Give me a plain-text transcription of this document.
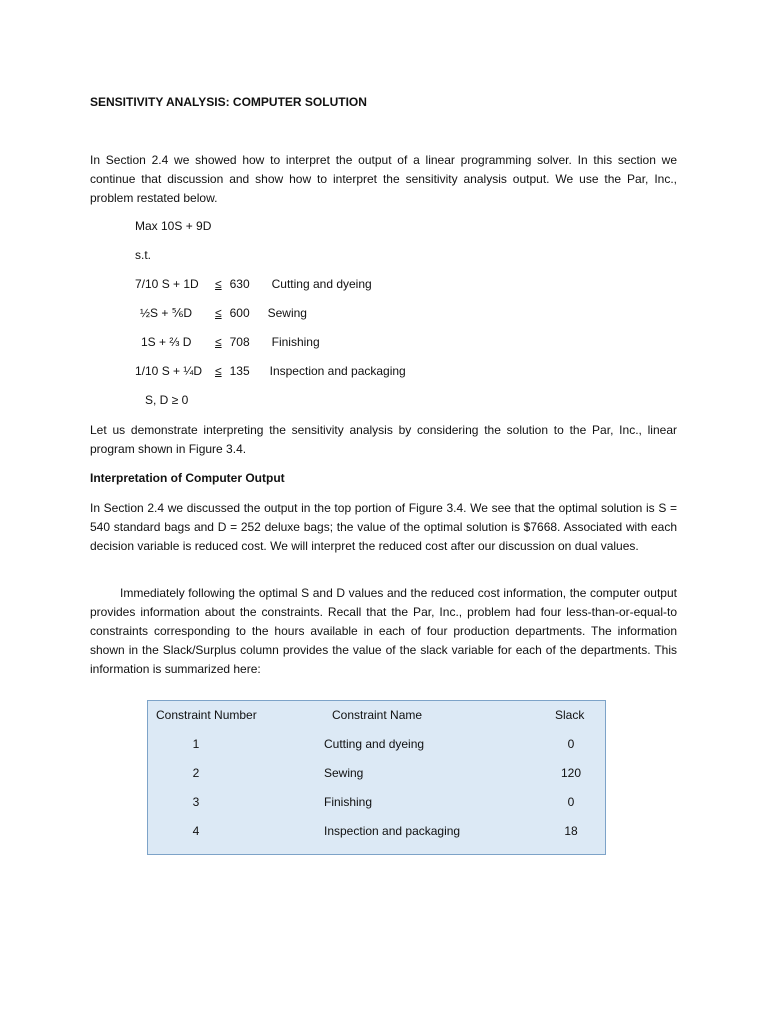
SENSITIVITY ANALYSIS: COMPUTER SOLUTION
In Section 2.4 we showed how to interpret the output of a linear programming solver. In this section we continue that discussion and show how to interpret the sensitivity analysis output. We use the Par, Inc., problem restated below.
Max 10S + 9D
s.t.
7/10 S + 1D ≤ 630 Cutting and dyeing
½S + ⅚D ≤ 600 Sewing
1S + ⅔ D ≤ 708 Finishing
1/10 S + ¼D ≤ 135 Inspection and packaging
S, D ≥ 0
Let us demonstrate interpreting the sensitivity analysis by considering the solution to the Par, Inc., linear program shown in Figure 3.4.
Interpretation of Computer Output
In Section 2.4 we discussed the output in the top portion of Figure 3.4. We see that the optimal solution is S = 540 standard bags and D = 252 deluxe bags; the value of the optimal solution is $7668. Associated with each decision variable is reduced cost. We will interpret the reduced cost after our discussion on dual values.
Immediately following the optimal S and D values and the reduced cost information, the computer output provides information about the constraints. Recall that the Par, Inc., problem had four less-than-or-equal-to constraints corresponding to the hours available in each of four production departments. The information shown in the Slack/Surplus column provides the value of the slack variable for each of the departments. This information is summarized here:
Constraint Number	Constraint Name	Slack
1	Cutting and dyeing	0
2	Sewing	120
3	Finishing	0
4	Inspection and packaging	18
